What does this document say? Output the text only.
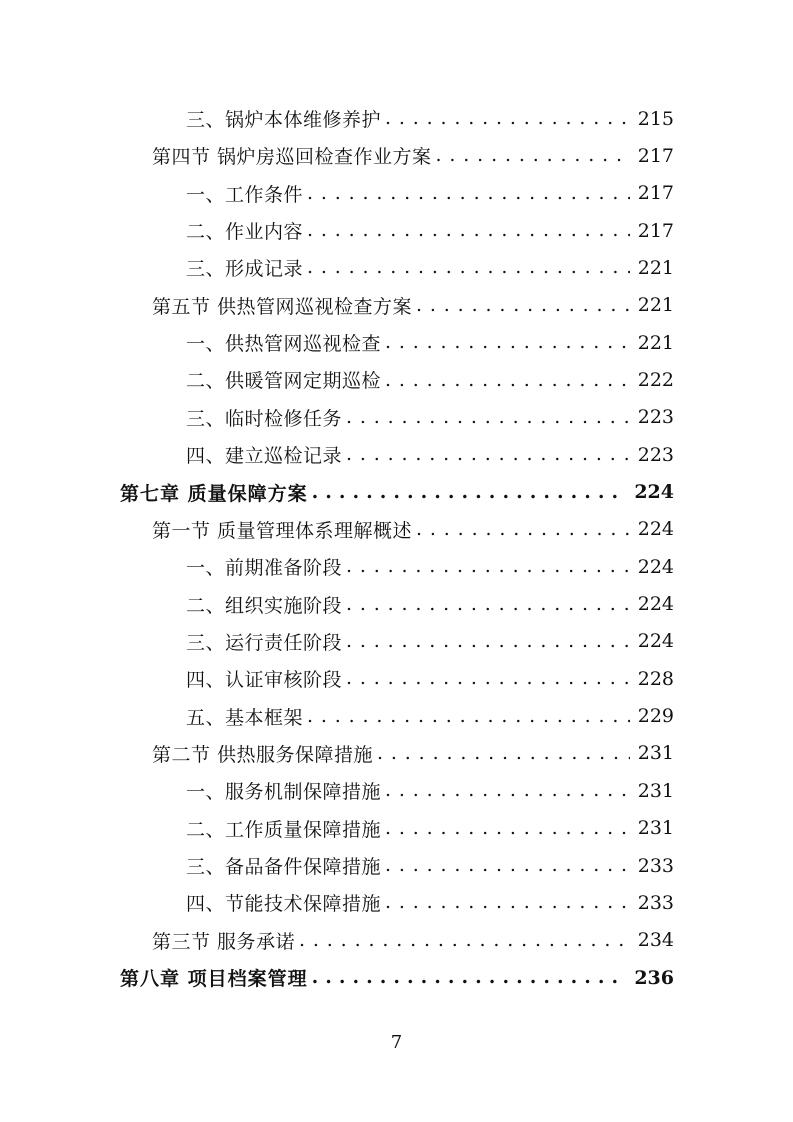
三、锅炉本体维修养护 . . .	215
第四节 锅炉房巡回检查作业方案 . . .	217
一、工作条件 . . .	217
二、作业内容 . . .	217
三、形成记录 . . .	221
第五节 供热管网巡视检查方案 . . .	221
一、供热管网巡视检查 . . .	221
二、供暖管网定期巡检 . . .	222
三、临时检修任务 . . .	223
四、建立巡检记录 . . .	223
第七章 质量保障方案 . . .	224
第一节 质量管理体系理解概述 . . .	224
一、前期准备阶段 . . .	224
二、组织实施阶段 . . .	224
三、运行责任阶段 . . .	224
四、认证审核阶段 . . .	228
五、基本框架 . . .	229
第二节 供热服务保障措施 . . .	231
一、服务机制保障措施 . . .	231
二、工作质量保障措施 . . .	231
三、备品备件保障措施 . . .	233
四、节能技术保障措施 . . .	233
第三节 服务承诺 . . .	234
第八章 项目档案管理 . . .	236
7
